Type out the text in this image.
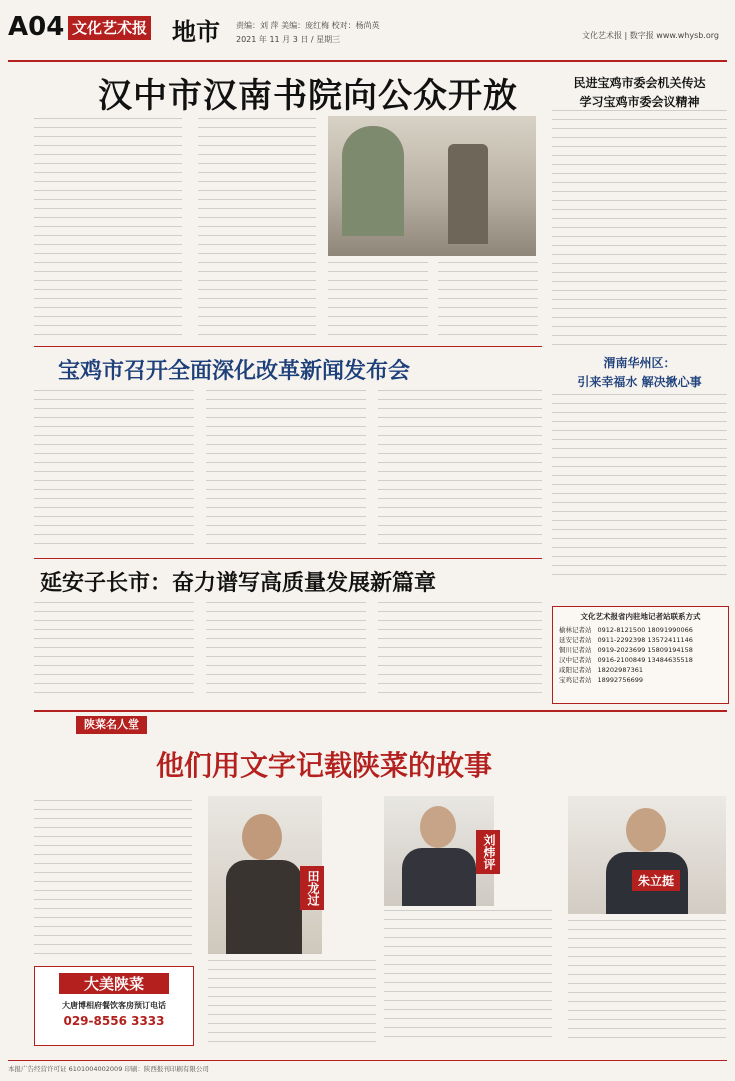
A04 文化艺术报 地市 责编：刘 萍 美编：庞红梅 校对：杨尚英
2021 年 11 月 3 日 / 星期三	文化艺术报 | 数字报 www.whysb.org
汉中市汉南书院向公众开放	民进宝鸡市委会机关传达
学习宝鸡市委会议精神
宝鸡市召开全面深化改革新闻发布会	渭南华州区：
引来幸福水 解决揪心事
延安子长市：奋力谱写高质量发展新篇章
文化艺术报省内驻地记者站联系方式
榆林记者站 0912-8121500 18091990066
延安记者站 0911-2292398 13572411146
铜川记者站 0919-2023699 15809194158
汉中记者站 0916-2100849 13484635518
咸阳记者站 18202987361
宝鸡记者站 18992756699
陕菜名人堂
他们用文字记载陕菜的故事
大美陕菜
大唐博相府餐饮客房预订电话
029-8556 3333
田龙过
刘炜评
朱立挺
本报广告经营许可证 6101004002009 印刷：陕西报刊印刷有限公司
